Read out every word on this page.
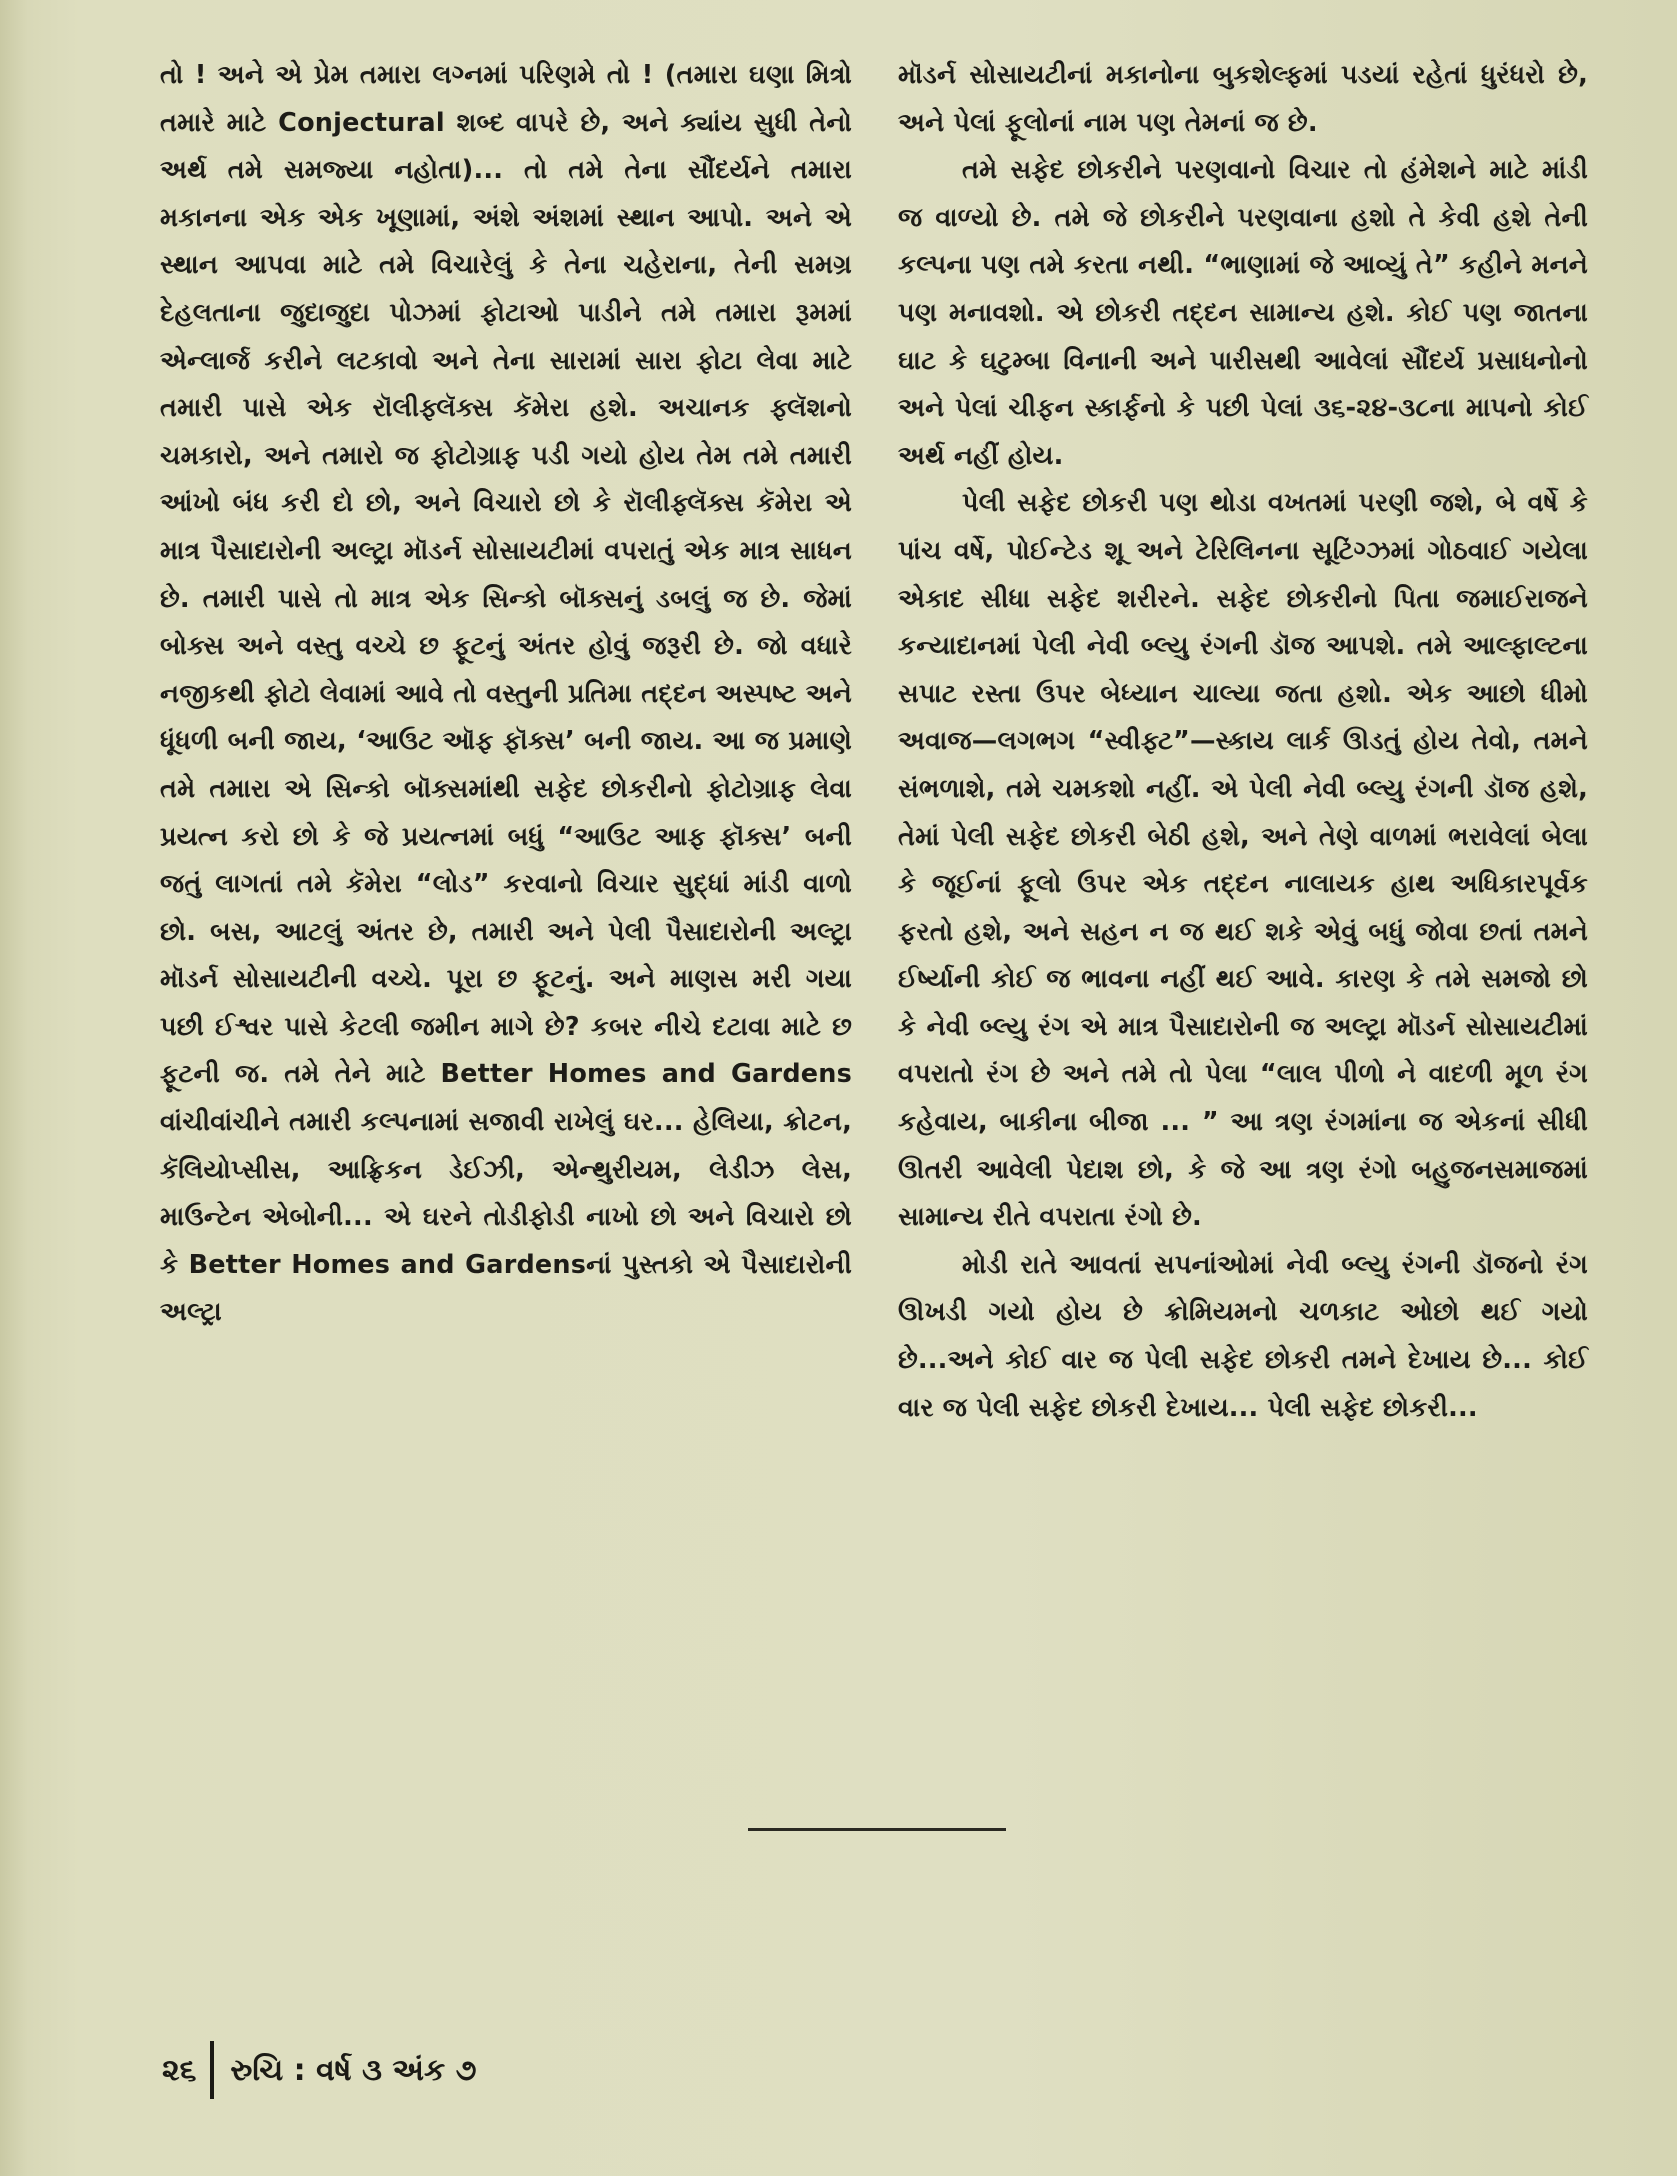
તો ! અને એ પ્રેમ તમારા લગ્નમાં પરિણમે તો ! (તમારા ઘણા મિત્રો તમારે માટે Conjectural શબ્દ વાપરે છે, અને ક્યાંય સુધી તેનો અર્થ તમે સમજ્યા નહોતા)... તો તમે તેના સૌંદર્યને તમારા મકાનના એક એક ખૂણામાં, અંશે અંશમાં સ્થાન આપો. અને એ સ્થાન આપવા માટે તમે વિચારેલું કે તેના ચહેરાના, તેની સમગ્ર દેહલતાના જુદાજુદા પોઝમાં ફોટાઓ પાડીને તમે તમારા રૂમમાં એન્લાર્જ કરીને લટકાવો અને તેના સારામાં સારા ફોટા લેવા માટે તમારી પાસે એક રૉલીફ્લૅક્સ કૅમેરા હશે. અચાનક ફ્લૅશનો ચમકારો, અને તમારો જ ફોટોગ્રાફ પડી ગયો હોય તેમ તમે તમારી આંખો બંધ કરી દો છો, અને વિચારો છો કે રૉલીફ્લૅક્સ કૅમેરા એ માત્ર પૈસાદારોની અલ્ટ્રા મૉડર્ન સોસાયટીમાં વપરાતું એક માત્ર સાધન છે. તમારી પાસે તો માત્ર એક સિન્કો બૉક્સનું ડબલું જ છે. જેમાં બોક્સ અને વસ્તુ વચ્ચે છ ફૂટનું અંતર હોવું જરૂરી છે. જો વધારે નજીકથી ફોટો લેવામાં આવે તો વસ્તુની પ્રતિમા તદ્દન અસ્પષ્ટ અને ધૂંધળી બની જાય, ‘આઉટ ઑફ ફૉક્સ’ બની જાય. આ જ પ્રમાણે તમે તમારા એ સિન્કો બૉક્સમાંથી સફેદ છોકરીનો ફોટોગ્રાફ લેવા પ્રયત્ન કરો છો કે જે પ્રયત્નમાં બધું “આઉટ આફ ફૉક્સ’ બની જતું લાગતાં તમે કૅમેરા “લોડ” કરવાનો વિચાર સુદ્ધાં માંડી વાળો છો. બસ, આટલું અંતર છે, તમારી અને પેલી પૈસાદારોની અલ્ટ્રા મૉડર્ન સોસાયટીની વચ્ચે. પૂરા છ ફૂટનું. અને માણસ મરી ગયા પછી ઈશ્વર પાસે કેટલી જમીન માગે છે? કબર નીચે દટાવા માટે છ ફૂટની જ. તમે તેને માટે Better Homes and Gardens વાંચીવાંચીને તમારી કલ્પનામાં સજાવી રાખેલું ઘર... હેલિયા, ક્રોટન, કૅલિયોપ્સીસ, આફ્રિકન ડેઈઝી, એન્થુરીયમ, લેડીઝ લેસ, માઉન્ટેન એબોની... એ ઘરને તોડીફોડી નાખો છો અને વિચારો છો કે Better Homes and Gardensનાં પુસ્તકો એ પૈસાદારોની અલ્ટ્રા

મૉડર્ન સોસાયટીનાં મકાનોના બુકશેલ્ફમાં પડયાં રહેતાં ધુરંધરો છે, અને પેલાં ફૂલોનાં નામ પણ તેમનાં જ છે.

તમે સફેદ છોકરીને પરણવાનો વિચાર તો હંમેશને માટે માંડી જ વાળ્યો છે. તમે જે છોકરીને પરણવાના હશો તે કેવી હશે તેની કલ્પના પણ તમે કરતા નથી. “ભાણામાં જે આવ્યું તે” કહીને મનને પણ મનાવશો. એ છોકરી તદ્દન સામાન્ય હશે. કોઈ પણ જાતના ઘાટ કે ઘટુમ્બા વિનાની અને પારીસથી આવેલાં સૌંદર્ય પ્રસાધનોનો અને પેલાં ચીફન સ્કાર્ફનો કે પછી પેલાં ૩૬-૨૪-૩૮ના માપનો કોઈ અર્થ નહીં હોય.

પેલી સફેદ છોકરી પણ થોડા વખતમાં પરણી જશે, બે વર્ષે કે પાંચ વર્ષે, પોઈન્ટેડ શૂ અને ટેરિલિનના સૂટિંગ્ઝમાં ગોઠવાઈ ગયેલા એકાદ સીધા સફેદ શરીરને. સફેદ છોકરીનો પિતા જમાઈરાજને કન્યાદાનમાં પેલી નેવી બ્લ્યુ રંગની ડૉજ આપશે. તમે આલ્ફાલ્ટના સપાટ રસ્તા ઉપર બેધ્યાન ચાલ્યા જતા હશો. એક આછો ધીમો અવાજ—લગભગ “સ્વીફ્ટ”—સ્કાય લાર્ક ઊડતું હોય તેવો, તમને સંભળાશે, તમે ચમકશો નહીં. એ પેલી નેવી બ્લ્યુ રંગની ડૉજ હશે, તેમાં પેલી સફેદ છોકરી બેઠી હશે, અને તેણે વાળમાં ભરાવેલાં બેલા કે જૂઈનાં ફૂલો ઉપર એક તદ્દન નાલાયક હાથ અધિકારપૂર્વક ફરતો હશે, અને સહન ન જ થઈ શકે એવું બધું જોવા છતાં તમને ઈર્ષ્યાની કોઈ જ ભાવના નહીં થઈ આવે. કારણ કે તમે સમજો છો કે નેવી બ્લ્યુ રંગ એ માત્ર પૈસાદારોની જ અલ્ટ્રા મૉડર્ન સોસાયટીમાં વપરાતો રંગ છે અને તમે તો પેલા “લાલ પીળો ને વાદળી મૂળ રંગ કહેવાય, બાકીના બીજા ... ” આ ત્રણ રંગમાંના જ એકનાં સીધી ઊતરી આવેલી પેદાશ છો, કે જે આ ત્રણ રંગો બહુજનસમાજમાં સામાન્ય રીતે વપરાતા રંગો છે.

મોડી રાતે આવતાં સપનાંઓમાં નેવી બ્લ્યુ રંગની ડૉજનો રંગ ઊખડી ગયો હોય છે ક્રોમિયમનો ચળકાટ ઓછો થઈ ગયો છે...અને કોઈ વાર જ પેલી સફેદ છોકરી તમને દેખાય છે... કોઈ વાર જ પેલી સફેદ છોકરી દેખાય... પેલી સફેદ છોકરી...

૨૬ રુચિ : વર્ષ ૩ અંક ૭
